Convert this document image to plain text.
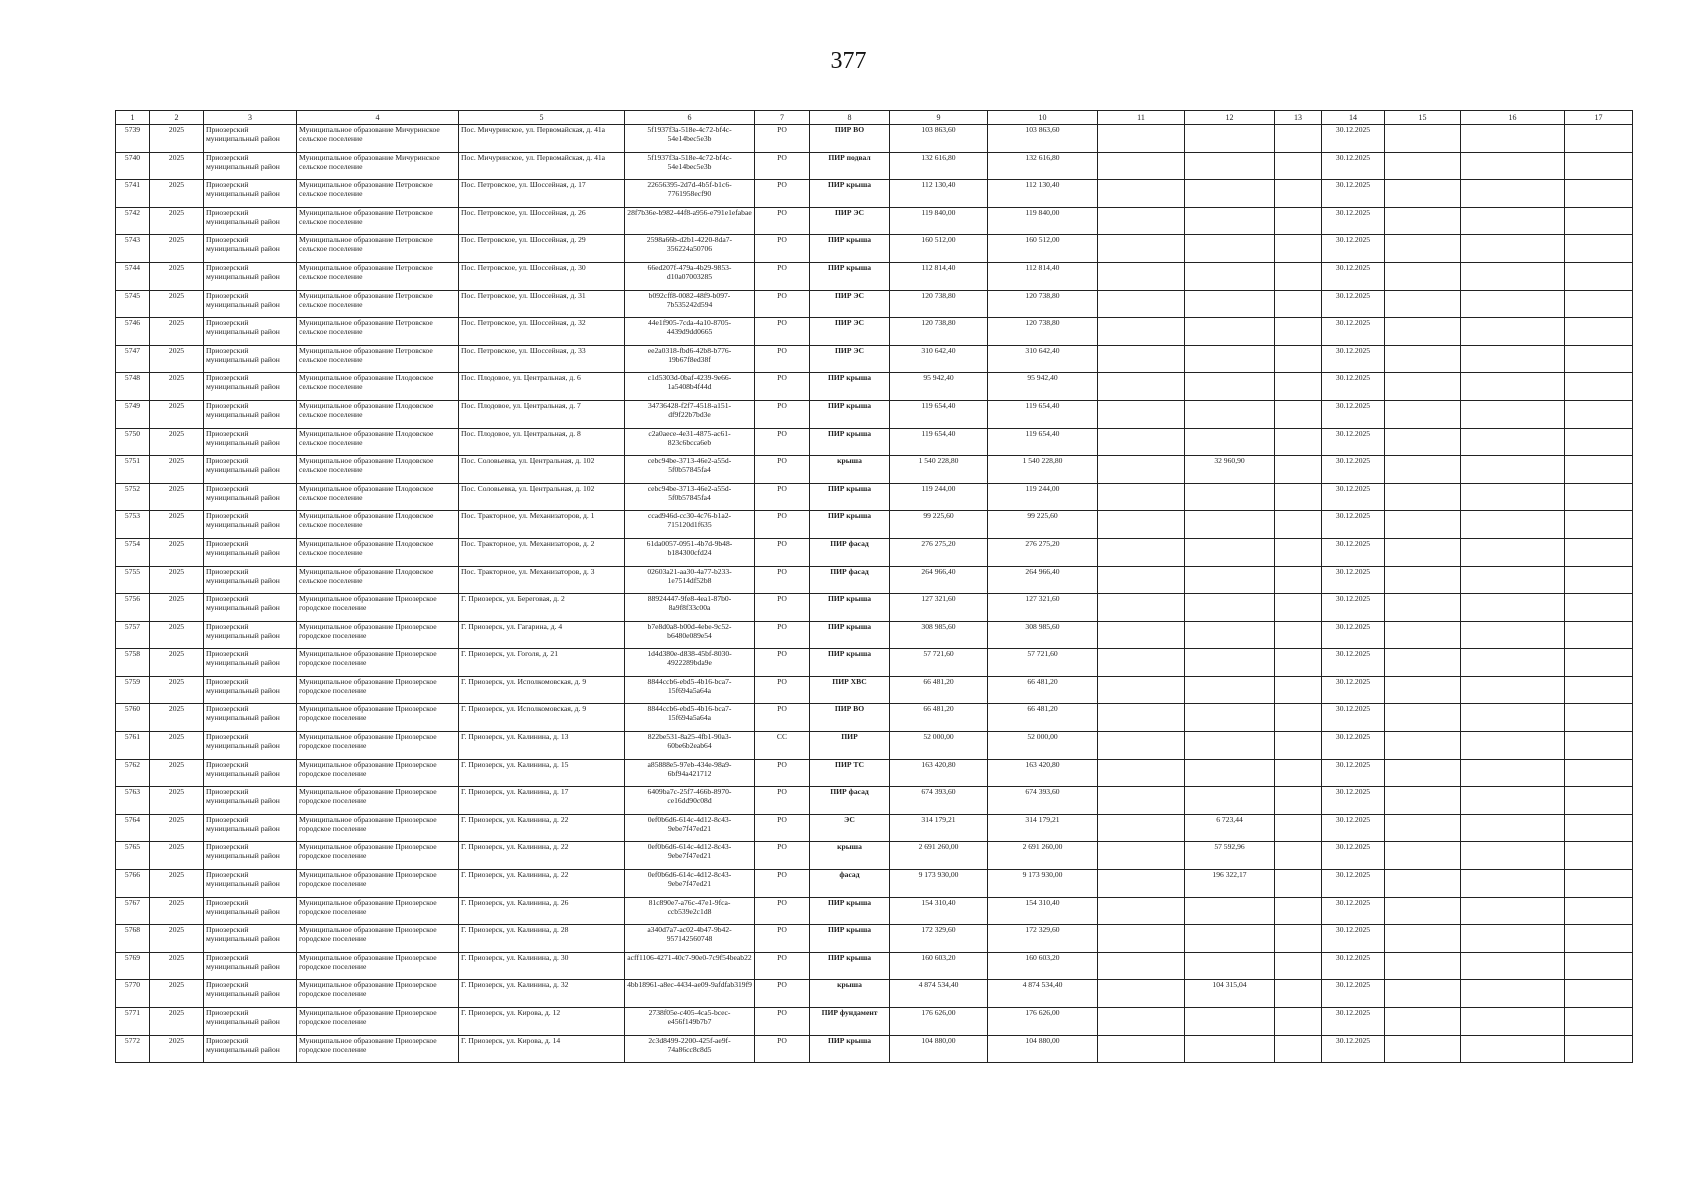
377
1	2	3	4	5	6	7	8	9	10	11	12	13	14	15	16	17
5739	2025	Приозерский муниципальный район	Муниципальное образование Мичуринское сельское поселение	Пос. Мичуринское, ул. Первомайская, д. 41а	5f1937f3a-518e-4c72-bf4c-54e14bec5e3b	РО	ПИР ВО	103 863,60	103 863,60				30.12.2025			
5740	2025	Приозерский муниципальный район	Муниципальное образование Мичуринское сельское поселение	Пос. Мичуринское, ул. Первомайская, д. 41а	5f1937f3a-518e-4c72-bf4c-54e14bec5e3b	РО	ПИР подвал	132 616,80	132 616,80				30.12.2025			
5741	2025	Приозерский муниципальный район	Муниципальное образование Петровское сельское поселение	Пос. Петровское, ул. Шоссейная, д. 17	22656395-2d7d-4b5f-b1c6-7761958ecf90	РО	ПИР крыша	112 130,40	112 130,40				30.12.2025			
5742	2025	Приозерский муниципальный район	Муниципальное образование Петровское сельское поселение	Пос. Петровское, ул. Шоссейная, д. 26	28f7b36e-b982-44f8-a956-e791e1efabae	РО	ПИР ЭС	119 840,00	119 840,00				30.12.2025			
5743	2025	Приозерский муниципальный район	Муниципальное образование Петровское сельское поселение	Пос. Петровское, ул. Шоссейная, д. 29	2598a66b-d2b1-4220-8da7-356224a50706	РО	ПИР крыша	160 512,00	160 512,00				30.12.2025			
5744	2025	Приозерский муниципальный район	Муниципальное образование Петровское сельское поселение	Пос. Петровское, ул. Шоссейная, д. 30	66ed207f-479a-4b29-9853-d10a07003285	РО	ПИР крыша	112 814,40	112 814,40				30.12.2025			
5745	2025	Приозерский муниципальный район	Муниципальное образование Петровское сельское поселение	Пос. Петровское, ул. Шоссейная, д. 31	b092cff8-0082-48f9-b097-7b535242d594	РО	ПИР ЭС	120 738,80	120 738,80				30.12.2025			
5746	2025	Приозерский муниципальный район	Муниципальное образование Петровское сельское поселение	Пос. Петровское, ул. Шоссейная, д. 32	44e1f905-7cda-4a10-8705-4439d9dd0665	РО	ПИР ЭС	120 738,80	120 738,80				30.12.2025			
5747	2025	Приозерский муниципальный район	Муниципальное образование Петровское сельское поселение	Пос. Петровское, ул. Шоссейная, д. 33	ee2a0318-fbd6-42b8-b776-19b67f8ed38f	РО	ПИР ЭС	310 642,40	310 642,40				30.12.2025			
5748	2025	Приозерский муниципальный район	Муниципальное образование Плодовское сельское поселение	Пос. Плодовое, ул. Центральная, д. 6	c1d5303d-0baf-4239-9e66-1a5408b4f44d	РО	ПИР крыша	95 942,40	95 942,40				30.12.2025			
5749	2025	Приозерский муниципальный район	Муниципальное образование Плодовское сельское поселение	Пос. Плодовое, ул. Центральная, д. 7	34736428-f2f7-4518-a151-df9f22b7bd3e	РО	ПИР крыша	119 654,40	119 654,40				30.12.2025			
5750	2025	Приозерский муниципальный район	Муниципальное образование Плодовское сельское поселение	Пос. Плодовое, ул. Центральная, д. 8	c2a0aece-4e31-4875-ac61-823c6bcca6eb	РО	ПИР крыша	119 654,40	119 654,40				30.12.2025			
5751	2025	Приозерский муниципальный район	Муниципальное образование Плодовское сельское поселение	Пос. Соловьевка, ул. Центральная, д. 102	cebc94be-3713-46e2-a55d-5f0b57845fa4	РО	крыша	1 540 228,80	1 540 228,80		32 960,90		30.12.2025			
5752	2025	Приозерский муниципальный район	Муниципальное образование Плодовское сельское поселение	Пос. Соловьевка, ул. Центральная, д. 102	cebc94be-3713-46e2-a55d-5f0b57845fa4	РО	ПИР крыша	119 244,00	119 244,00				30.12.2025			
5753	2025	Приозерский муниципальный район	Муниципальное образование Плодовское сельское поселение	Пос. Тракторное, ул. Механизаторов, д. 1	ccad946d-cc30-4c76-b1a2-715120d1f635	РО	ПИР крыша	99 225,60	99 225,60				30.12.2025			
5754	2025	Приозерский муниципальный район	Муниципальное образование Плодовское сельское поселение	Пос. Тракторное, ул. Механизаторов, д. 2	61da0057-0951-4b7d-9b48-b184300cfd24	РО	ПИР фасад	276 275,20	276 275,20				30.12.2025			
5755	2025	Приозерский муниципальный район	Муниципальное образование Плодовское сельское поселение	Пос. Тракторное, ул. Механизаторов, д. 3	02603a21-aa30-4a77-b233-1e7514df52b8	РО	ПИР фасад	264 966,40	264 966,40				30.12.2025			
5756	2025	Приозерский муниципальный район	Муниципальное образование Приозерское городское поселение	Г. Приозерск, ул. Береговая, д. 2	88924447-9fe8-4ea1-87b0-8a9f8f33c00a	РО	ПИР крыша	127 321,60	127 321,60				30.12.2025			
5757	2025	Приозерский муниципальный район	Муниципальное образование Приозерское городское поселение	Г. Приозерск, ул. Гагарина, д. 4	b7e8d0a8-b00d-4ebe-9c52-b6480e089e54	РО	ПИР крыша	308 985,60	308 985,60				30.12.2025			
5758	2025	Приозерский муниципальный район	Муниципальное образование Приозерское городское поселение	Г. Приозерск, ул. Гоголя, д. 21	1d4d380e-d838-45bf-8030-4922289bda9e	РО	ПИР крыша	57 721,60	57 721,60				30.12.2025			
5759	2025	Приозерский муниципальный район	Муниципальное образование Приозерское городское поселение	Г. Приозерск, ул. Исполкомовская, д. 9	8844ccb6-ebd5-4b16-bca7-15f694a5a64a	РО	ПИР ХВС	66 481,20	66 481,20				30.12.2025			
5760	2025	Приозерский муниципальный район	Муниципальное образование Приозерское городское поселение	Г. Приозерск, ул. Исполкомовская, д. 9	8844ccb6-ebd5-4b16-bca7-15f694a5a64a	РО	ПИР ВО	66 481,20	66 481,20				30.12.2025			
5761	2025	Приозерский муниципальный район	Муниципальное образование Приозерское городское поселение	Г. Приозерск, ул. Калинина, д. 13	822be531-8a25-4fb1-90a3-60be6b2eab64	СС	ПИР	52 000,00	52 000,00				30.12.2025			
5762	2025	Приозерский муниципальный район	Муниципальное образование Приозерское городское поселение	Г. Приозерск, ул. Калинина, д. 15	a85888e5-97eb-434e-98a9-6bf94a421712	РО	ПИР ТС	163 420,80	163 420,80				30.12.2025			
5763	2025	Приозерский муниципальный район	Муниципальное образование Приозерское городское поселение	Г. Приозерск, ул. Калинина, д. 17	6409ba7c-25f7-466b-8970-ce16dd90c08d	РО	ПИР фасад	674 393,60	674 393,60				30.12.2025			
5764	2025	Приозерский муниципальный район	Муниципальное образование Приозерское городское поселение	Г. Приозерск, ул. Калинина, д. 22	0ef0b6d6-614c-4d12-8c43-9ebe7f47ed21	РО	ЭС	314 179,21	314 179,21		6 723,44		30.12.2025			
5765	2025	Приозерский муниципальный район	Муниципальное образование Приозерское городское поселение	Г. Приозерск, ул. Калинина, д. 22	0ef0b6d6-614c-4d12-8c43-9ebe7f47ed21	РО	крыша	2 691 260,00	2 691 260,00		57 592,96		30.12.2025			
5766	2025	Приозерский муниципальный район	Муниципальное образование Приозерское городское поселение	Г. Приозерск, ул. Калинина, д. 22	0ef0b6d6-614c-4d12-8c43-9ebe7f47ed21	РО	фасад	9 173 930,00	9 173 930,00		196 322,17		30.12.2025			
5767	2025	Приозерский муниципальный район	Муниципальное образование Приозерское городское поселение	Г. Приозерск, ул. Калинина, д. 26	81c890e7-a76c-47e1-9fca-ccb539e2c1d8	РО	ПИР крыша	154 310,40	154 310,40				30.12.2025			
5768	2025	Приозерский муниципальный район	Муниципальное образование Приозерское городское поселение	Г. Приозерск, ул. Калинина, д. 28	a340d7a7-ac02-4b47-9b42-957142560748	РО	ПИР крыша	172 329,60	172 329,60				30.12.2025			
5769	2025	Приозерский муниципальный район	Муниципальное образование Приозерское городское поселение	Г. Приозерск, ул. Калинина, д. 30	acff1106-4271-40c7-90e0-7c9f54beab22	РО	ПИР крыша	160 603,20	160 603,20				30.12.2025			
5770	2025	Приозерский муниципальный район	Муниципальное образование Приозерское городское поселение	Г. Приозерск, ул. Калинина, д. 32	4bb18961-a8ec-4434-ae09-9afdfab319f9	РО	крыша	4 874 534,40	4 874 534,40		104 315,04		30.12.2025			
5771	2025	Приозерский муниципальный район	Муниципальное образование Приозерское городское поселение	Г. Приозерск, ул. Кирова, д. 12	2738f05e-c405-4ca5-bcec-e456f149b7b7	РО	ПИР фундамент	176 626,00	176 626,00				30.12.2025			
5772	2025	Приозерский муниципальный район	Муниципальное образование Приозерское городское поселение	Г. Приозерск, ул. Кирова, д. 14	2c3d8499-2200-425f-ae9f-74a86cc8c8d5	РО	ПИР крыша	104 880,00	104 880,00				30.12.2025			
